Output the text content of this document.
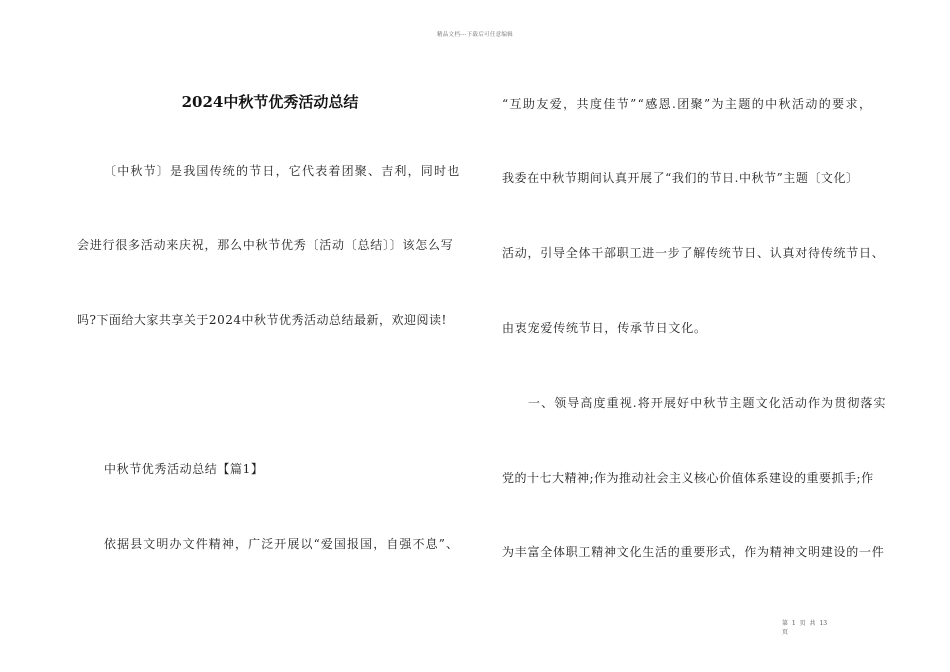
精品文档---下载后可任意编辑
2024中秋节优秀活动总结
〔中秋节〕是我国传统的节日，它代表着团聚、吉利，同时也
会进行很多活动来庆祝，那么中秋节优秀〔活动〔总结〕〕该怎么写
吗?下面给大家共享关于2024中秋节优秀活动总结最新，欢迎阅读!
中秋节优秀活动总结【篇1】
依据县文明办文件精神，广泛开展以“爱国报国，自强不息”、
“互助友爱，共度佳节”“感恩.团聚”为主题的中秋活动的要求，
我委在中秋节期间认真开展了“我们的节日.中秋节”主题〔文化〕
活动，引导全体干部职工进一步了解传统节日、认真对待传统节日、
由衷宠爱传统节日，传承节日文化。
一、领导高度重视.将开展好中秋节主题文化活动作为贯彻落实
党的十七大精神;作为推动社会主义核心价值体系建设的重要抓手;作
为丰富全体职工精神文化生活的重要形式，作为精神文明建设的一件
第 1 页 共 13
页
